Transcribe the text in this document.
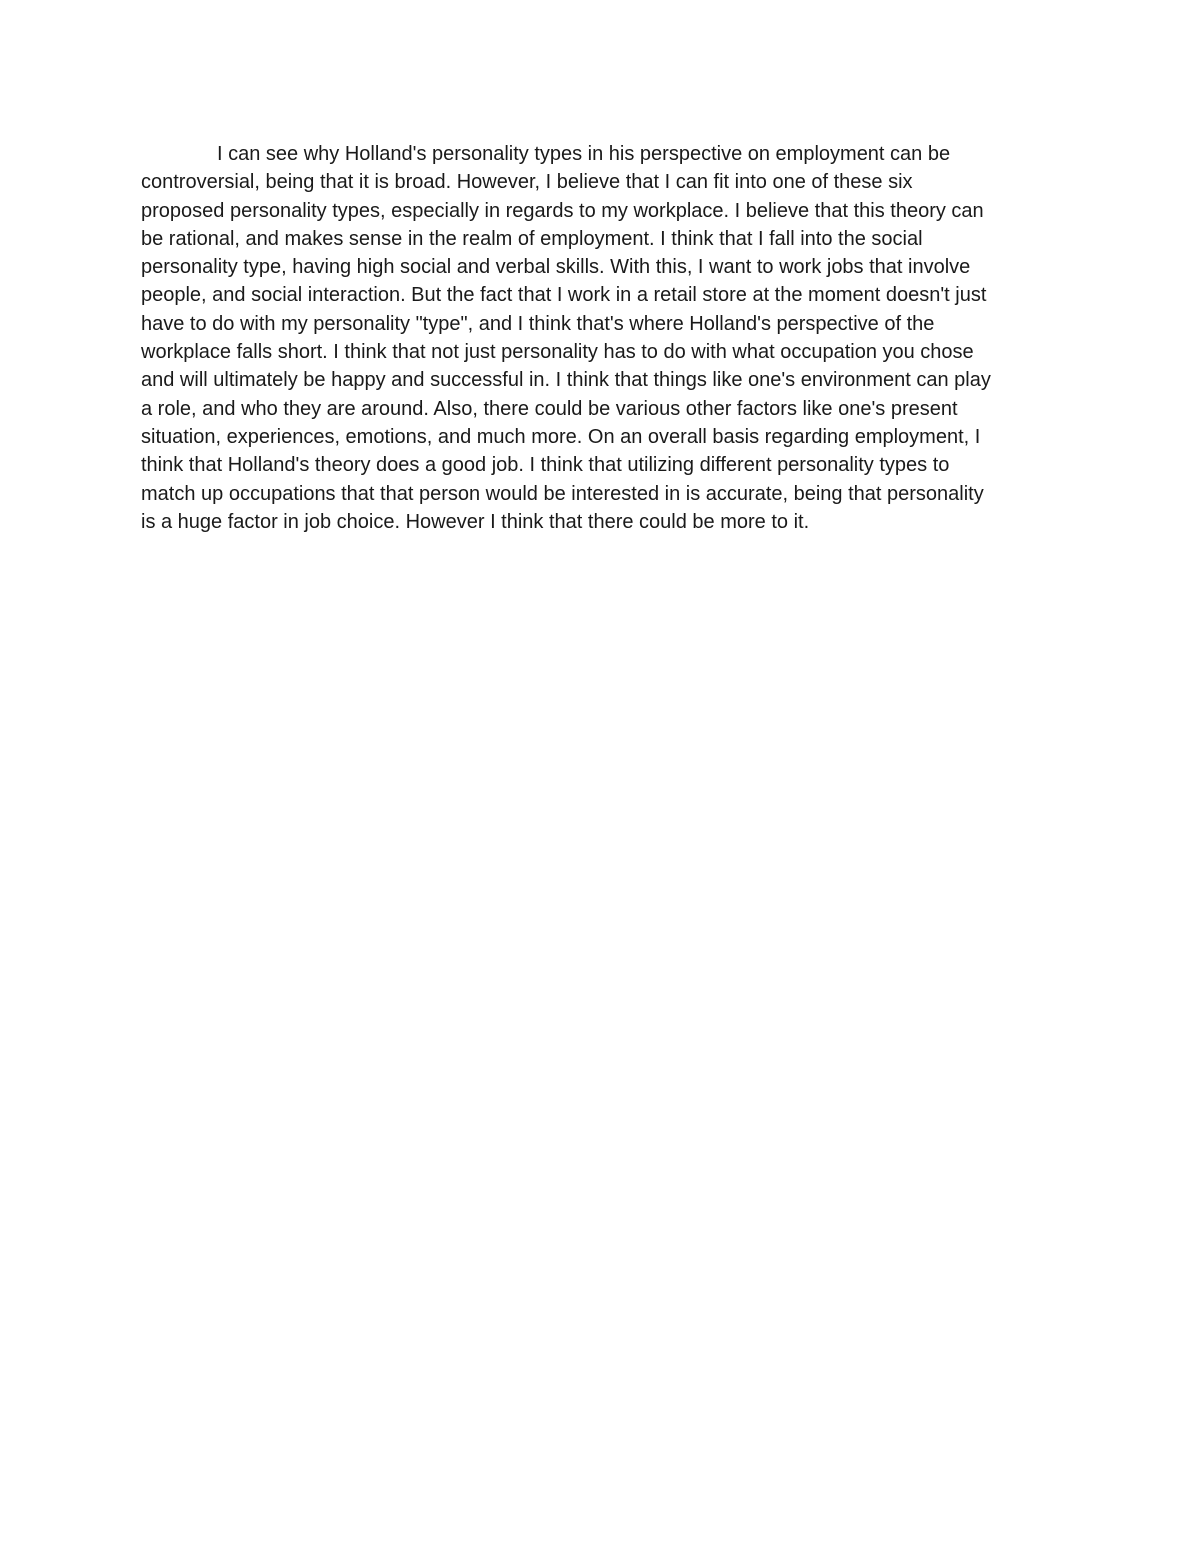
I can see why Holland's personality types in his perspective on employment can be
controversial, being that it is broad. However, I believe that I can fit into one of these six
proposed personality types, especially in regards to my workplace. I believe that this theory can
be rational, and makes sense in the realm of employment. I think that I fall into the social
personality type, having high social and verbal skills. With this, I want to work jobs that involve
people, and social interaction. But the fact that I work in a retail store at the moment doesn't just
have to do with my personality "type", and I think that's where Holland's perspective of the
workplace falls short. I think that not just personality has to do with what occupation you chose
and will ultimately be happy and successful in. I think that things like one's environment can play
a role, and who they are around. Also, there could be various other factors like one's present
situation, experiences, emotions, and much more. On an overall basis regarding employment, I
think that Holland's theory does a good job. I think that utilizing different personality types to
match up occupations that that person would be interested in is accurate, being that personality
is a huge factor in job choice. However I think that there could be more to it.
